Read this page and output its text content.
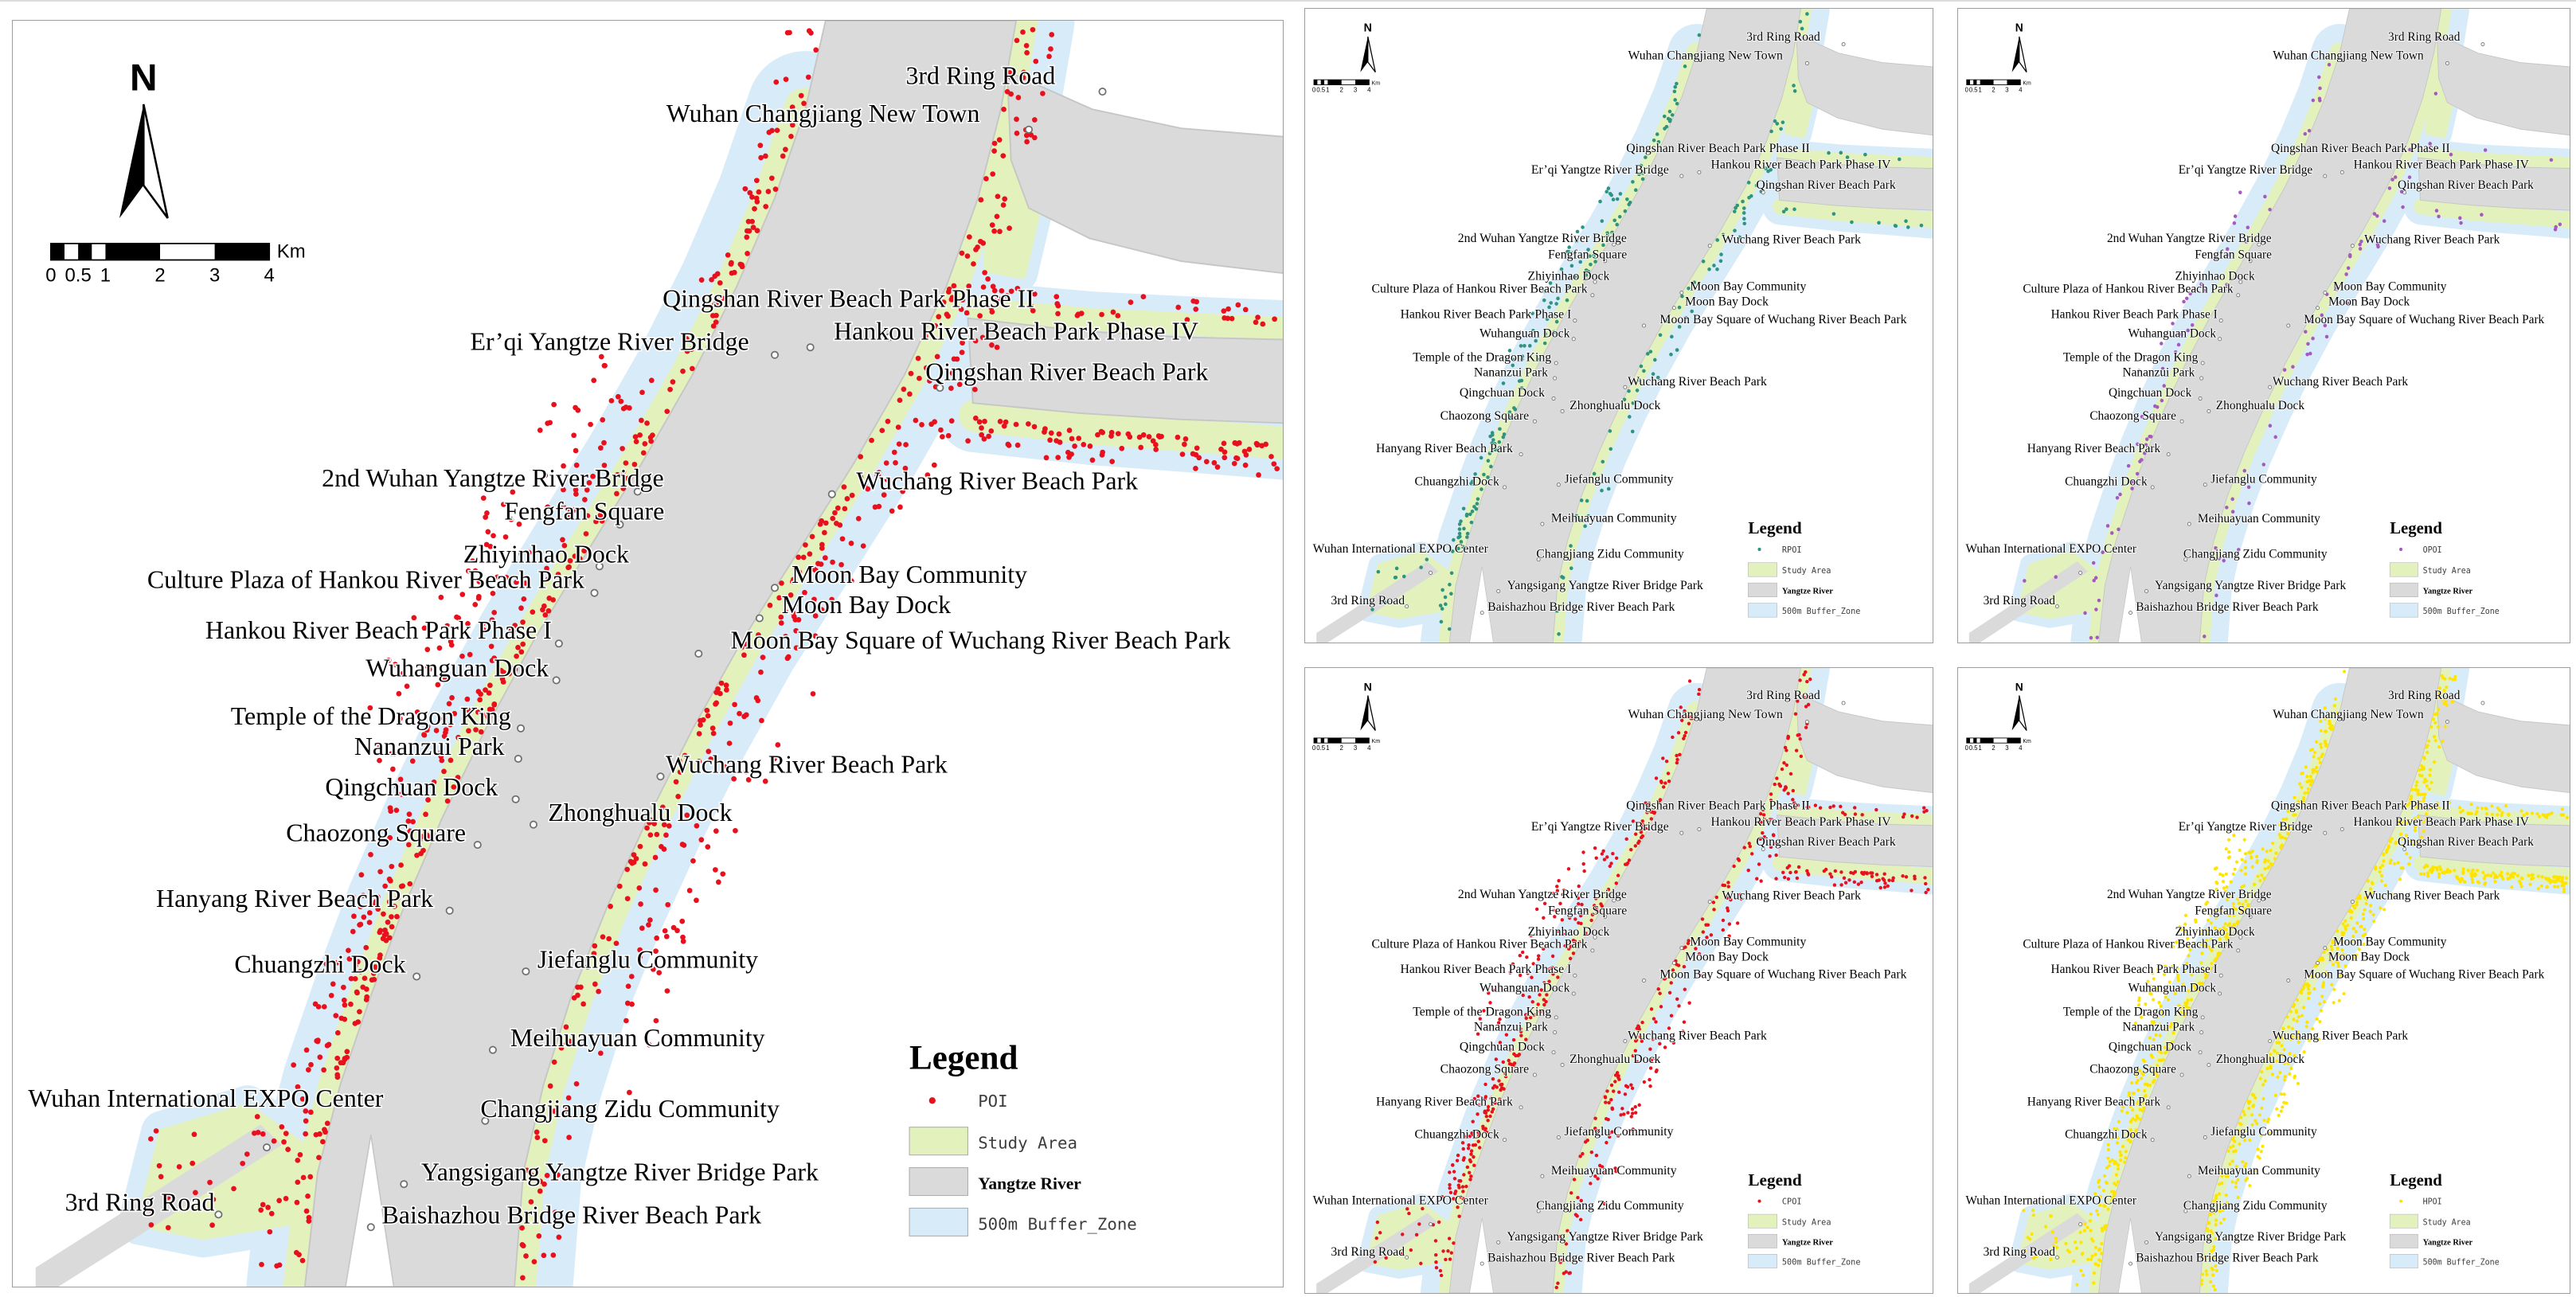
N
0 0.5 1	2	3	4
Km
3rd Ring Road
Wuhan Changjiang New Town
Qingshan River Beach Park Phase II
Er’qi Yangtze River Bridge	Hankou River Beach Park Phase IV
Qingshan River Beach Park
2nd Wuhan Yangtze River Bridge
Fengfan Square
Wuchang River Beach Park
Zhiyinhao Dock
Culture Plaza of Hankou River Beach Park	Moon Bay Community
Moon Bay Dock
Hankou River Beach Park Phase I	Moon Bay Square of Wuchang River Beach Park
Wuhanguan Dock
Temple of the Dragon King
Nananzui Park
Wuchang River Beach Park
Qingchuan Dock
Zhonghualu Dock
Chaozong Square
Hanyang River Beach Park
Chuangzhi Dock	Jiefanglu Community
Meihuayuan Community
Wuhan International EXPO Center	Changjiang Zidu Community
Yangsigang Yangtze River Bridge Park
3rd Ring Road	Baishazhou Bridge River Beach Park
Legend
POI
Study Area
Yangtze River
500m Buffer_Zone
N
0 0.5 1 2 3 4
Km
3rd Ring Road
Wuhan Changjiang New Town
Qingshan River Beach Park Phase II
Er’qi Yangtze River Bridge	Hankou River Beach Park Phase IV
Qingshan River Beach Park
2nd Wuhan Yangtze River Bridge
Fengfan Square
Wuchang River Beach Park
Zhiyinhao Dock
Culture Plaza of Hankou River Beach Park	Moon Bay Community
Moon Bay Dock
Hankou River Beach Park Phase I	Moon Bay Square of Wuchang River Beach Park
Wuhanguan Dock
Temple of the Dragon King
Nananzui Park
Wuchang River Beach Park
Qingchuan Dock
Zhonghualu Dock
Chaozong Square
Hanyang River Beach Park
Chuangzhi Dock	Jiefanglu Community
Meihuayuan Community
Wuhan International EXPO Center	Changjiang Zidu Community
Yangsigang Yangtze River Bridge Park
3rd Ring Road	Baishazhou Bridge River Beach Park
Legend
RPOI
Study Area
Yangtze River
500m Buffer_Zone
N
0 0.5 1 2 3 4
Km
3rd Ring Road
Wuhan Changjiang New Town
Qingshan River Beach Park Phase II
Er’qi Yangtze River Bridge	Hankou River Beach Park Phase IV
Qingshan River Beach Park
2nd Wuhan Yangtze River Bridge
Fengfan Square
Wuchang River Beach Park
Zhiyinhao Dock
Culture Plaza of Hankou River Beach Park	Moon Bay Community
Moon Bay Dock
Hankou River Beach Park Phase I	Moon Bay Square of Wuchang River Beach Park
Wuhanguan Dock
Temple of the Dragon King
Nananzui Park
Wuchang River Beach Park
Qingchuan Dock
Zhonghualu Dock
Chaozong Square
Hanyang River Beach Park
Chuangzhi Dock	Jiefanglu Community
Meihuayuan Community
Wuhan International EXPO Center	Changjiang Zidu Community
Yangsigang Yangtze River Bridge Park
3rd Ring Road	Baishazhou Bridge River Beach Park
Legend
OPOI
Study Area
Yangtze River
500m Buffer_Zone
N
0 0.5 1 2 3 4
Km
3rd Ring Road
Wuhan Changjiang New Town
Qingshan River Beach Park Phase II
Er’qi Yangtze River Bridge	Hankou River Beach Park Phase IV
Qingshan River Beach Park
2nd Wuhan Yangtze River Bridge
Fengfan Square
Wuchang River Beach Park
Zhiyinhao Dock
Culture Plaza of Hankou River Beach Park	Moon Bay Community
Moon Bay Dock
Hankou River Beach Park Phase I	Moon Bay Square of Wuchang River Beach Park
Wuhanguan Dock
Temple of the Dragon King
Nananzui Park
Wuchang River Beach Park
Qingchuan Dock
Zhonghualu Dock
Chaozong Square
Hanyang River Beach Park
Chuangzhi Dock	Jiefanglu Community
Meihuayuan Community
Wuhan International EXPO Center	Changjiang Zidu Community
Yangsigang Yangtze River Bridge Park
3rd Ring Road	Baishazhou Bridge River Beach Park
Legend
CPOI
Study Area
Yangtze River
500m Buffer_Zone
N
0 0.5 1 2 3 4
Km
3rd Ring Road
Wuhan Changjiang New Town
Qingshan River Beach Park Phase II
Er’qi Yangtze River Bridge	Hankou River Beach Park Phase IV
Qingshan River Beach Park
2nd Wuhan Yangtze River Bridge
Fengfan Square
Wuchang River Beach Park
Zhiyinhao Dock
Culture Plaza of Hankou River Beach Park	Moon Bay Community
Moon Bay Dock
Hankou River Beach Park Phase I	Moon Bay Square of Wuchang River Beach Park
Wuhanguan Dock
Temple of the Dragon King
Nananzui Park
Wuchang River Beach Park
Qingchuan Dock
Zhonghualu Dock
Chaozong Square
Hanyang River Beach Park
Chuangzhi Dock	Jiefanglu Community
Meihuayuan Community
Wuhan International EXPO Center	Changjiang Zidu Community
Yangsigang Yangtze River Bridge Park
3rd Ring Road	Baishazhou Bridge River Beach Park
Legend
HPOI
Study Area
Yangtze River
500m Buffer_Zone
